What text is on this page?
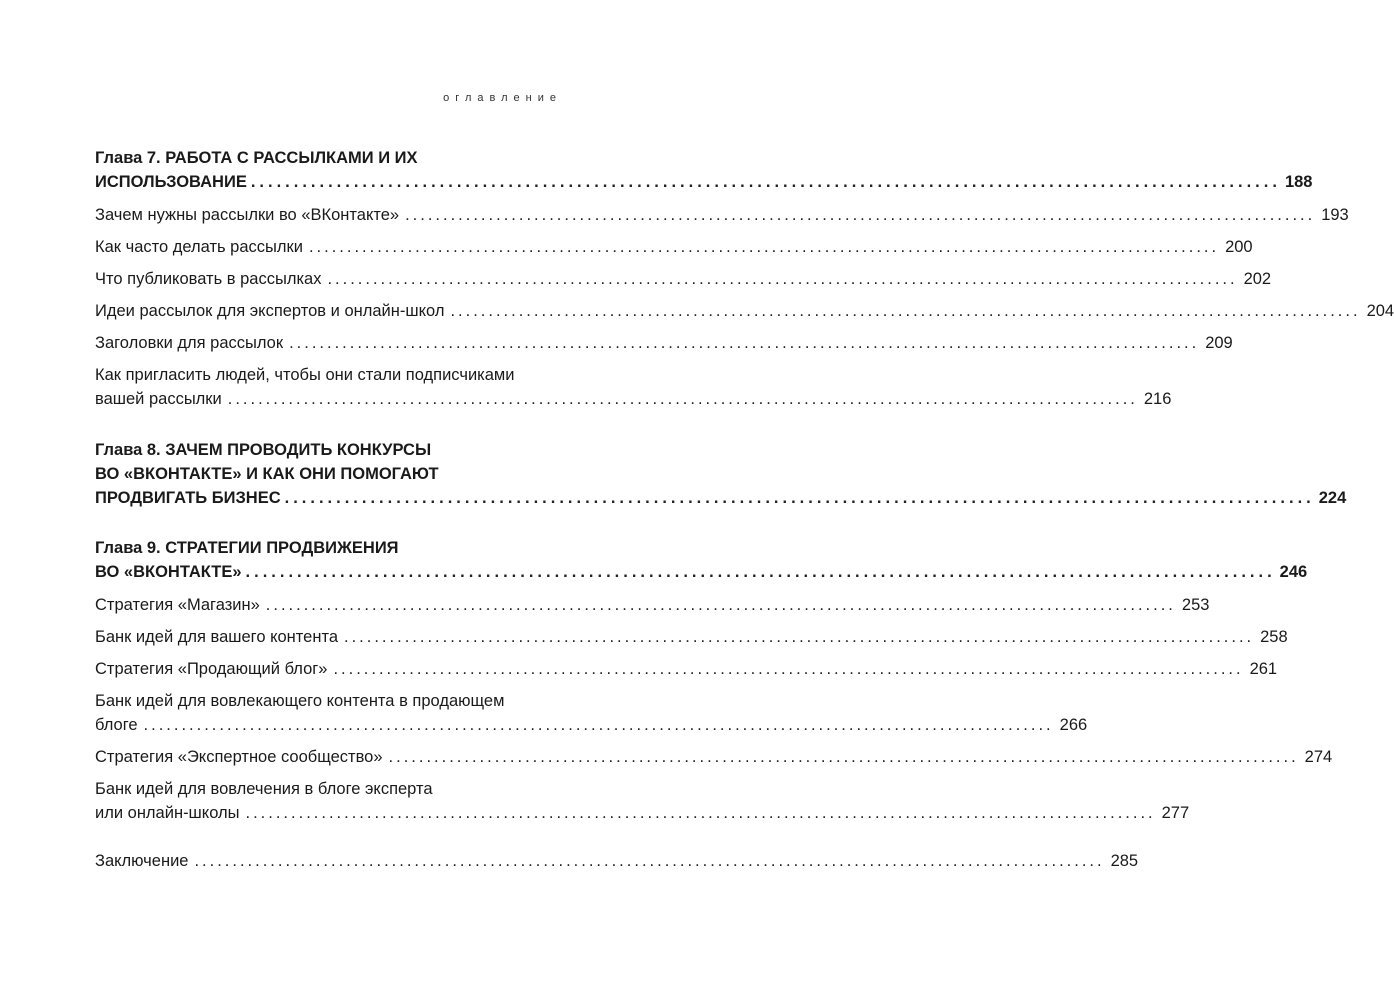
оглавление
Глава 7. РАБОТА С РАССЫЛКАМИ И ИХ
ИСПОЛЬЗОВАНИЕ ........................................................................................................................ 188
Зачем нужны рассылки во «ВКонтакте» ........................................................................................................................ 193
Как часто делать рассылки ........................................................................................................................ 200
Что публиковать в рассылках ........................................................................................................................ 202
Идеи рассылок для экспертов и онлайн-школ ........................................................................................................................ 204
Заголовки для рассылок ........................................................................................................................ 209
Как пригласить людей, чтобы они стали подписчиками
вашей рассылки ........................................................................................................................ 216
Глава 8. ЗАЧЕМ ПРОВОДИТЬ КОНКУРСЫ
ВО «ВКОНТАКТЕ» И КАК ОНИ ПОМОГАЮТ
ПРОДВИГАТЬ БИЗНЕС ........................................................................................................................ 224
Глава 9. СТРАТЕГИИ ПРОДВИЖЕНИЯ
ВО «ВКОНТАКТЕ» ........................................................................................................................ 246
Стратегия «Магазин» ........................................................................................................................ 253
Банк идей для вашего контента ........................................................................................................................ 258
Стратегия «Продающий блог» ........................................................................................................................ 261
Банк идей для вовлекающего контента в продающем
блоге ........................................................................................................................ 266
Стратегия «Экспертное сообщество» ........................................................................................................................ 274
Банк идей для вовлечения в блоге эксперта
или онлайн-школы ........................................................................................................................ 277
Заключение ........................................................................................................................ 285
